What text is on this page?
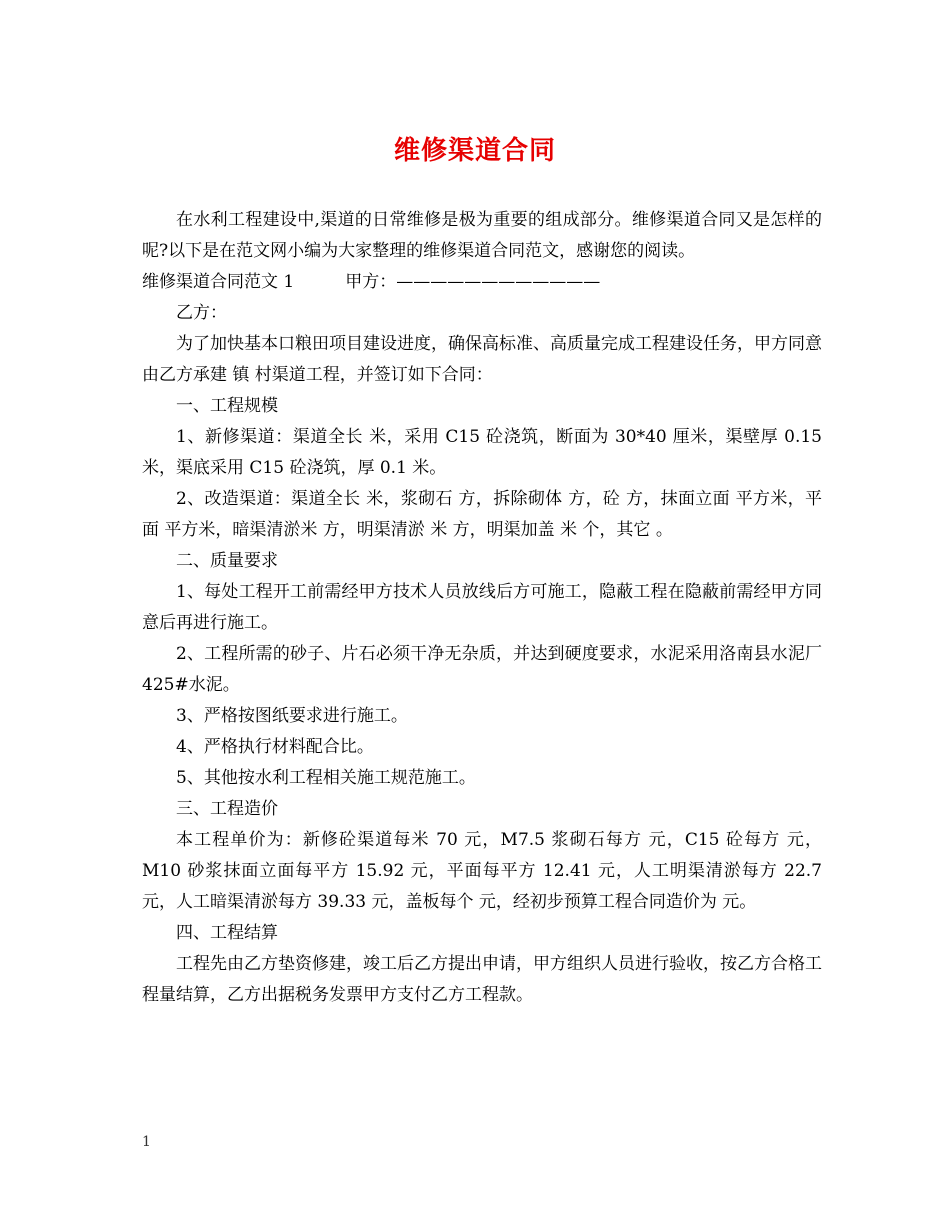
维修渠道合同

在水利工程建设中,渠道的日常维修是极为重要的组成部分。维修渠道合同又是怎样的呢?以下是在范文网小编为大家整理的维修渠道合同范文，感谢您的阅读。

维修渠道合同范文 1　　　甲方：————————————

乙方：

为了加快基本口粮田项目建设进度，确保高标准、高质量完成工程建设任务，甲方同意由乙方承建 镇 村渠道工程，并签订如下合同：

一、工程规模

1、新修渠道：渠道全长 米，采用 C15 砼浇筑，断面为 30*40 厘米，渠壁厚 0.15 米，渠底采用 C15 砼浇筑，厚 0.1 米。

2、改造渠道：渠道全长 米，浆砌石 方，拆除砌体 方，砼 方，抹面立面 平方米，平面 平方米，暗渠清淤米 方，明渠清淤 米 方，明渠加盖 米 个，其它 。

二、质量要求

1、每处工程开工前需经甲方技术人员放线后方可施工，隐蔽工程在隐蔽前需经甲方同意后再进行施工。

2、工程所需的砂子、片石必须干净无杂质，并达到硬度要求，水泥采用洛南县水泥厂 425#水泥。

3、严格按图纸要求进行施工。

4、严格执行材料配合比。

5、其他按水利工程相关施工规范施工。

三、工程造价

本工程单价为：新修砼渠道每米 70 元，M7.5 浆砌石每方 元，C15 砼每方 元，M10 砂浆抹面立面每平方 15.92 元，平面每平方 12.41 元，人工明渠清淤每方 22.7 元，人工暗渠清淤每方 39.33 元，盖板每个 元，经初步预算工程合同造价为 元。

四、工程结算

工程先由乙方垫资修建，竣工后乙方提出申请，甲方组织人员进行验收，按乙方合格工程量结算，乙方出据税务发票甲方支付乙方工程款。

1
